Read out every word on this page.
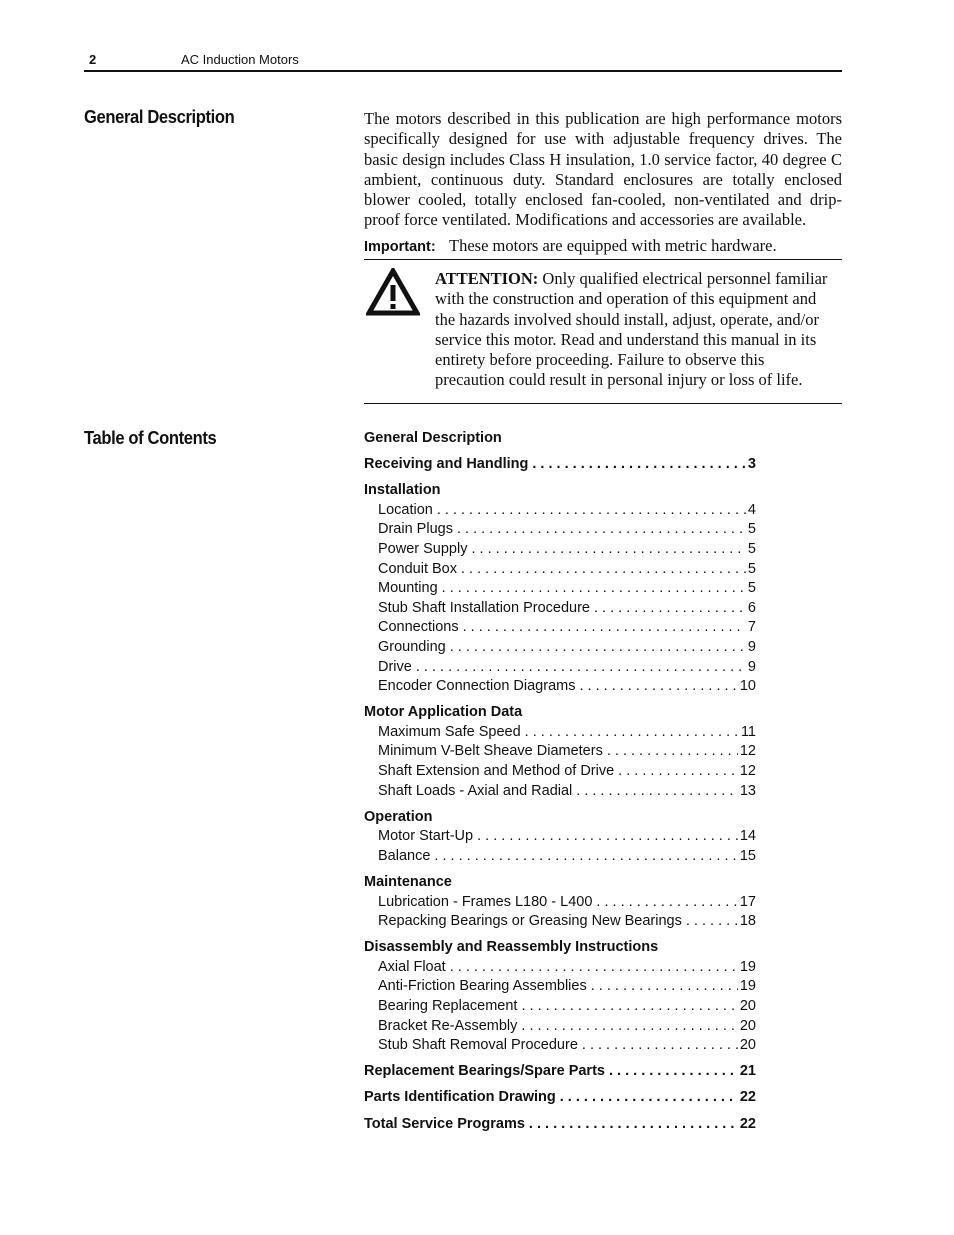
2	AC Induction Motors
General Description	The motors described in this publication are high performance motors specifically designed for use with adjustable frequency drives. The basic design includes Class H insulation, 1.0 service factor, 40 degree C ambient, continuous duty. Standard enclosures are totally enclosed blower cooled, totally enclosed fan-cooled, non-ventilated and drip-proof force ventilated. Modifications and accessories are available.
Important: These motors are equipped with metric hardware.
ATTENTION: Only qualified electrical personnel familiar with the construction and operation of this equipment and the hazards involved should install, adjust, operate, and/or service this motor. Read and understand this manual in its entirety before proceeding. Failure to observe this precaution could result in personal injury or loss of life.
Table of Contents	General Description
Receiving and Handling . . .	3
Installation
Location . . .	4
Drain Plugs . . .	5
Power Supply . . .	5
Conduit Box . . .	5
Mounting . . .	5
Stub Shaft Installation Procedure . . .	6
Connections . . .	7
Grounding . . .	9
Drive . . .	9
Encoder Connection Diagrams . . .	10
Motor Application Data
Maximum Safe Speed . . .	11
Minimum V-Belt Sheave Diameters . . .	12
Shaft Extension and Method of Drive . . .	12
Shaft Loads - Axial and Radial . . .	13
Operation
Motor Start-Up . . .	14
Balance . . .	15
Maintenance
Lubrication - Frames L180 - L400 . . .	17
Repacking Bearings or Greasing New Bearings . . .	18
Disassembly and Reassembly Instructions
Axial Float . . .	19
Anti-Friction Bearing Assemblies . . .	19
Bearing Replacement . . .	20
Bracket Re-Assembly . . .	20
Stub Shaft Removal Procedure . . .	20
Replacement Bearings/Spare Parts . . .	21
Parts Identification Drawing . . .	22
Total Service Programs . . .	22
